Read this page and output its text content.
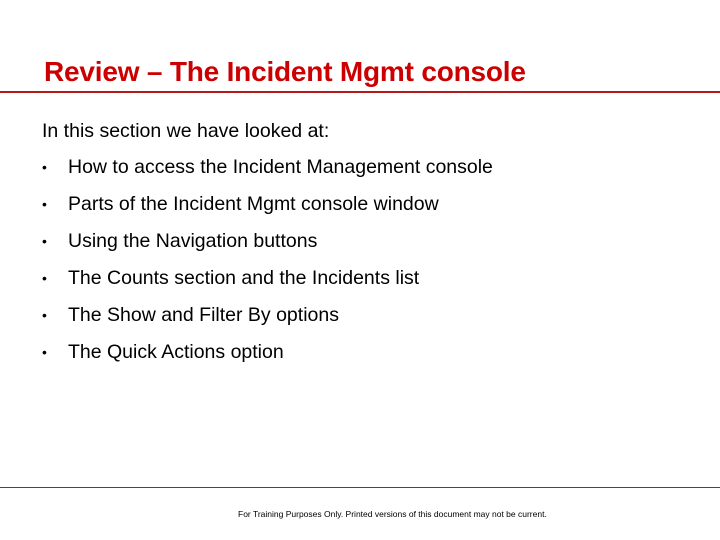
Review – The Incident Mgmt console

In this section we have looked at:

•	How to access the Incident Management console
•	Parts of the Incident Mgmt console window
•	Using the Navigation buttons
•	The Counts section and the Incidents list
•	The Show and Filter By options
•	The Quick Actions option

For Training Purposes Only. Printed versions of this document may not be current.
